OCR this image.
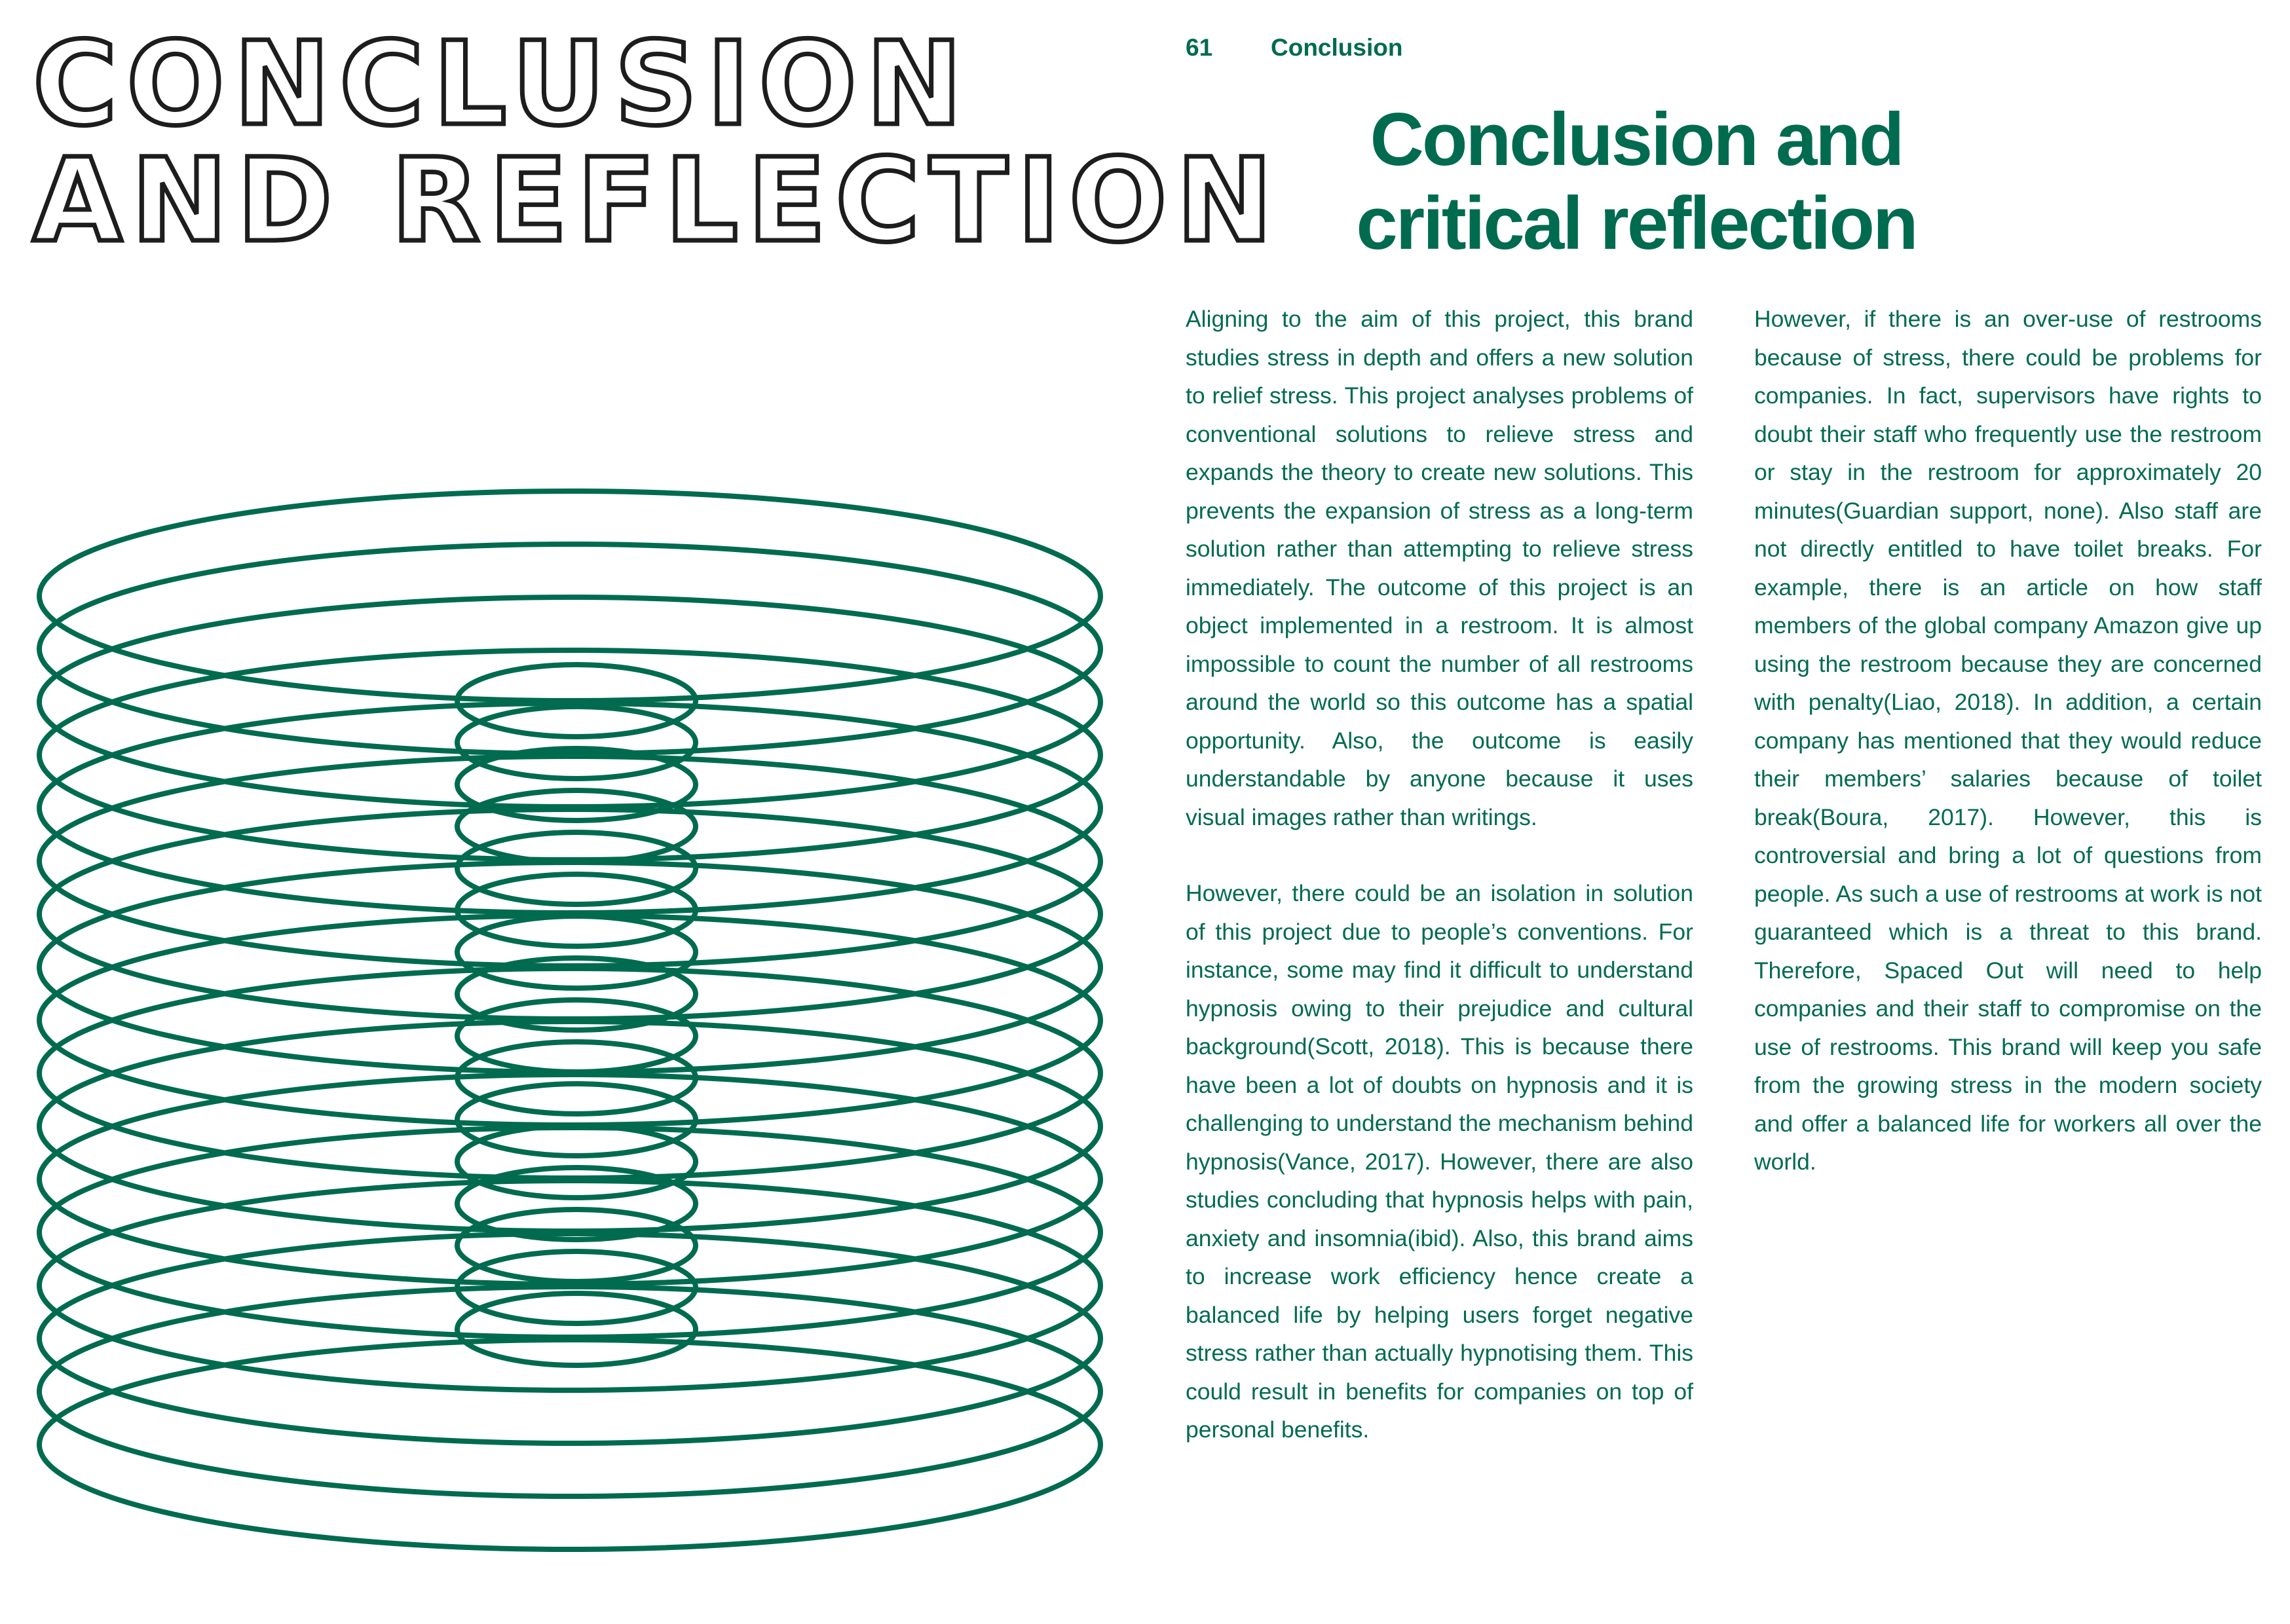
CONCLUSION
AND REFLECTION
61 Conclusion
Conclusion and
critical reflection

Aligning to the aim of this project, this brand studies stress in depth and offers a new solution to relief stress. This project analyses problems of conventional solutions to relieve stress and expands the theory to create new solutions. This prevents the expansion of stress as a long-term solution rather than attempting to relieve stress immediately. The outcome of this project is an object implemented in a restroom. It is almost impossible to count the number of all restrooms around the world so this outcome has a spatial opportunity. Also, the outcome is easily understandable by anyone because it uses visual images rather than writings.

However, there could be an isolation in solution of this project due to people’s conventions. For instance, some may find it difficult to understand hypnosis owing to their prejudice and cultural background(Scott, 2018). This is because there have been a lot of doubts on hypnosis and it is challenging to understand the mechanism behind hypnosis(Vance, 2017). However, there are also studies concluding that hypnosis helps with pain, anxiety and insomnia(ibid). Also, this brand aims to increase work efficiency hence create a balanced life by helping users forget negative stress rather than actually hypnotising them. This could result in benefits for companies on top of personal benefits.

However, if there is an over-use of restrooms because of stress, there could be problems for companies. In fact, supervisors have rights to doubt their staff who frequently use the restroom or stay in the restroom for approximately 20 minutes(Guardian support, none). Also staff are not directly entitled to have toilet breaks. For example, there is an article on how staff members of the global company Amazon give up using the restroom because they are concerned with penalty(Liao, 2018). In addition, a certain company has mentioned that they would reduce their members’ salaries because of toilet break(Boura, 2017). However, this is controversial and bring a lot of questions from people. As such a use of restrooms at work is not guaranteed which is a threat to this brand. Therefore, Spaced Out will need to help companies and their staff to compromise on the use of restrooms. This brand will keep you safe from the growing stress in the modern society and offer a balanced life for workers all over the world.
